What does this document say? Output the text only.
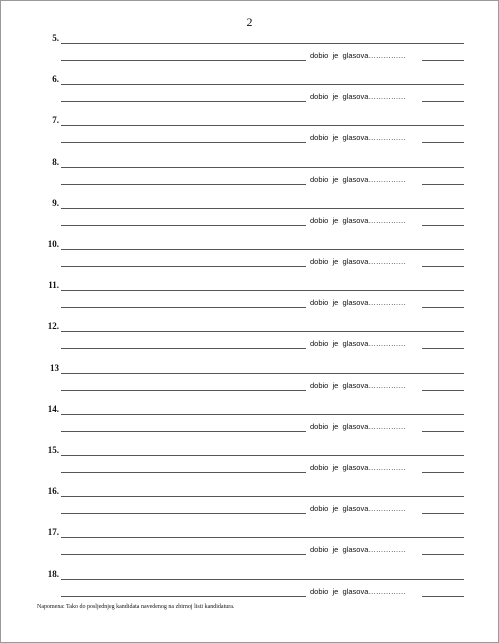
2
5.
dobio  je  glasova……………
6.
dobio  je  glasova……………
7.
dobio  je  glasova……………
8.
dobio  je  glasova……………
9.
dobio  je  glasova……………
10.
dobio  je  glasova……………
11.
dobio  je  glasova……………
12.
dobio  je  glasova……………
13
dobio  je  glasova……………
14.
dobio  je  glasova……………
15.
dobio  je  glasova……………
16.
dobio  je  glasova……………
17.
dobio  je  glasova……………
18.
dobio  je  glasova……………
Napomena: Tako do posljednjeg kandidata navedenog na zbirnoj listi kandidatura.
